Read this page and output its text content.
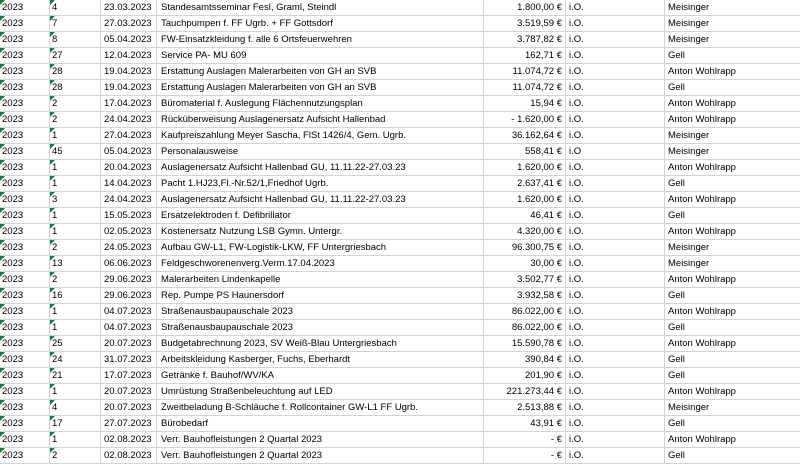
2023	4	23.03.2023 Standesamtsseminar Fesl, Graml, Steindl	1.800,00 € i.O.	Meisinger
2023	7	27.03.2023 Tauchpumpen f. FF Ugrb. + FF Gottsdorf	3.519,59 € i.O.	Meisinger
2023	8	05.04.2023 FW-Einsatzkleidung f. alle 6 Ortsfeuerwehren	3.787,82 € i.O.	Meisinger
2023	27	12.04.2023 Service PA- MU 609	162,71 € i.O.	Gell
2023	28	19.04.2023 Erstattung Auslagen Malerarbeiten von GH an SVB	11.074,72 € i.O.	Anton Wohlrapp
2023	28	19.04.2023 Erstattung Auslagen Malerarbeiten von GH an SVB	11.074,72 € i.O.	Gell
2023	2	17.04.2023 Büromaterial f. Auslegung Flächennutzungsplan	15,94 € i.O.	Anton Wohlrapp
2023	2	24.04.2023 Rücküberweisung Auslagenersatz Aufsicht Hallenbad	- 1.620,00 € i.O.	Anton Wohlrapp
2023	1	27.04.2023 Kaufpreiszahlung Meyer Sascha, FlSt 1426/4, Gem. Ugrb.	36.162,64 € i.O.	Meisinger
2023	45	05.04.2023 Personalausweise	558,41 € i.O	Meisinger
2023	1	20.04.2023 Auslagenersatz Aufsicht Hallenbad GU, 11.11.22-27.03.23	1.620,00 € i.O.	Anton Wohlrapp
2023	1	14.04.2023 Pacht 1.HJ23,Fl.-Nr.52/1,Friedhof Ugrb.	2.637,41 € i.O.	Gell
2023	3	24.04.2023 Auslagenersatz Aufsicht Hallenbad GU, 11.11.22-27.03.23	1.620,00 € i.O.	Anton Wohlrapp
2023	1	15.05.2023 Ersatzelektroden f. Defibrillator	46,41 € i.O.	Gell
2023	1	02.05.2023 Kostenersatz Nutzung LSB Gymn. Untergr.	4.320,00 € i.O.	Anton Wohlrapp
2023	2	24.05.2023 Aufbau GW-L1, FW-Logistik-LKW, FF Untergriesbach	96.300,75 € i.O.	Meisinger
2023	13	06.06.2023 Feldgeschworenenverg.Verm.17.04.2023	30,00 € i.O.	Meisinger
2023	2	29.06.2023 Malerarbeiten Lindenkapelle	3.502,77 € i.O.	Anton Wohlrapp
2023	16	29.06.2023 Rep. Pumpe PS Haunersdorf	3.932,58 € i.O.	Gell
2023	1	04.07.2023 Straßenausbaupauschale 2023	86.022,00 € i.O.	Anton Wohlrapp
2023	1	04.07.2023 Straßenausbaupauschale 2023	86.022,00 € i.O.	Gell
2023	25	20.07.2023 Budgetabrechnung 2023, SV Weiß-Blau Untergriesbach	15.590,78 € i.O.	Anton Wohlrapp
2023	24	31.07.2023 Arbeitskleidung Kasberger, Fuchs, Eberhardt	390,84 € i.O.	Gell
2023	21	17.07.2023 Getränke f. Bauhof/WV/KA	201,90 € i.O.	Gell
2023	1	20.07.2023 Umrüstung Straßenbeleuchtung auf LED	221.273,44 € i.O.	Anton Wohlrapp
2023	4	20.07.2023 Zweitbeladung B-Schläuche f. Rollcontainer GW-L1 FF Ugrb.	2.513,88 € i.O.	Meisinger
2023	17	27.07.2023 Bürobedarf	43,91 € i.O.	Gell
2023	1	02.08.2023 Verr. Bauhofleistungen 2 Quartal 2023	- € i.O.	Anton Wohlrapp
2023	2	02.08.2023 Verr. Bauhofleistungen 2 Quartal 2023	- € i.O.	Gell
